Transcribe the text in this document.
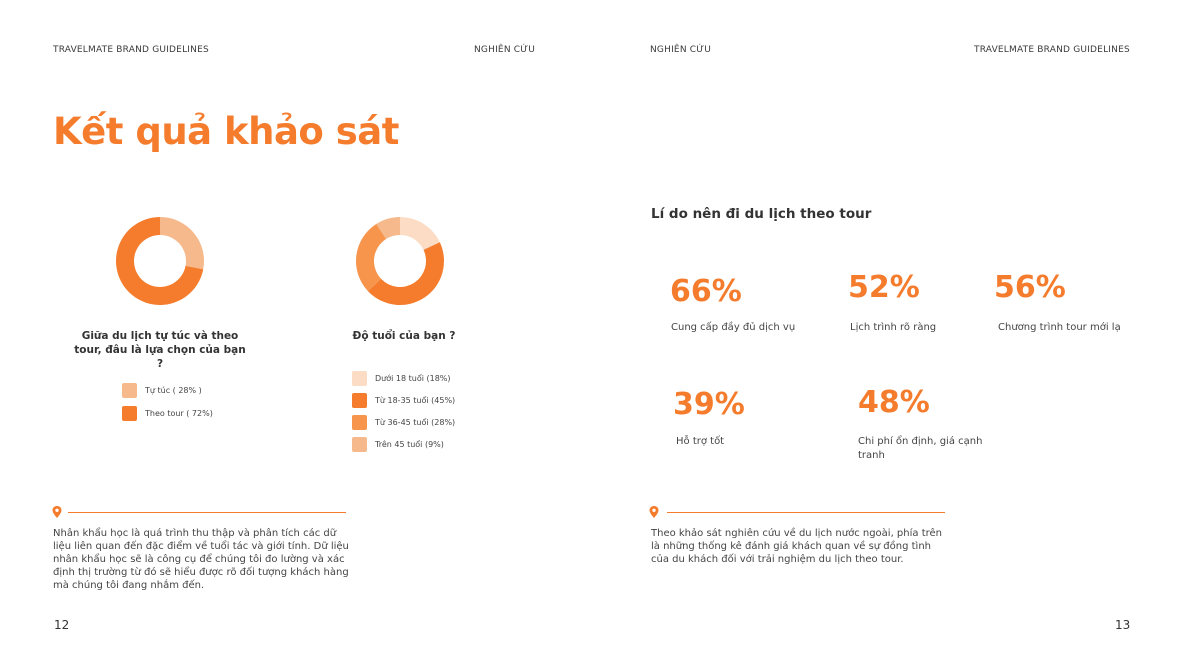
TRAVELMATE BRAND GUIDELINES	NGHIÊN CỨU	NGHIÊN CỨU	TRAVELMATE BRAND GUIDELINES
Kết quả khảo sát
Giữa du lịch tự túc và theo tour, đâu là lựa chọn của bạn ?
Tự túc ( 28% )
Theo tour ( 72%)
Độ tuổi của bạn ?
Dưới 18 tuổi (18%)
Từ 18-35 tuổi (45%)
Từ 36-45 tuổi (28%)
Trên 45 tuổi (9%)
Nhân khẩu học là quá trình thu thập và phân tích các dữ liệu liên quan đến đặc điểm về tuổi tác và giới tính. Dữ liệu nhân khẩu học sẽ là công cụ để chúng tôi đo lường và xác định thị trường từ đó sẽ hiểu được rõ đối tượng khách hàng mà chúng tôi đang nhắm đến.
12
Lí do nên đi du lịch theo tour
66%
Cung cấp đầy đủ dịch vụ
52%
Lịch trình rõ ràng
56%
Chương trình tour mới lạ
39%
Hỗ trợ tốt
48%
Chi phí ổn định, giá cạnh tranh
Theo khảo sát nghiên cứu về du lịch nước ngoài, phía trên là những thống kê đánh giá khách quan về sự đồng tình của du khách đối với trải nghiệm du lịch theo tour.
13
